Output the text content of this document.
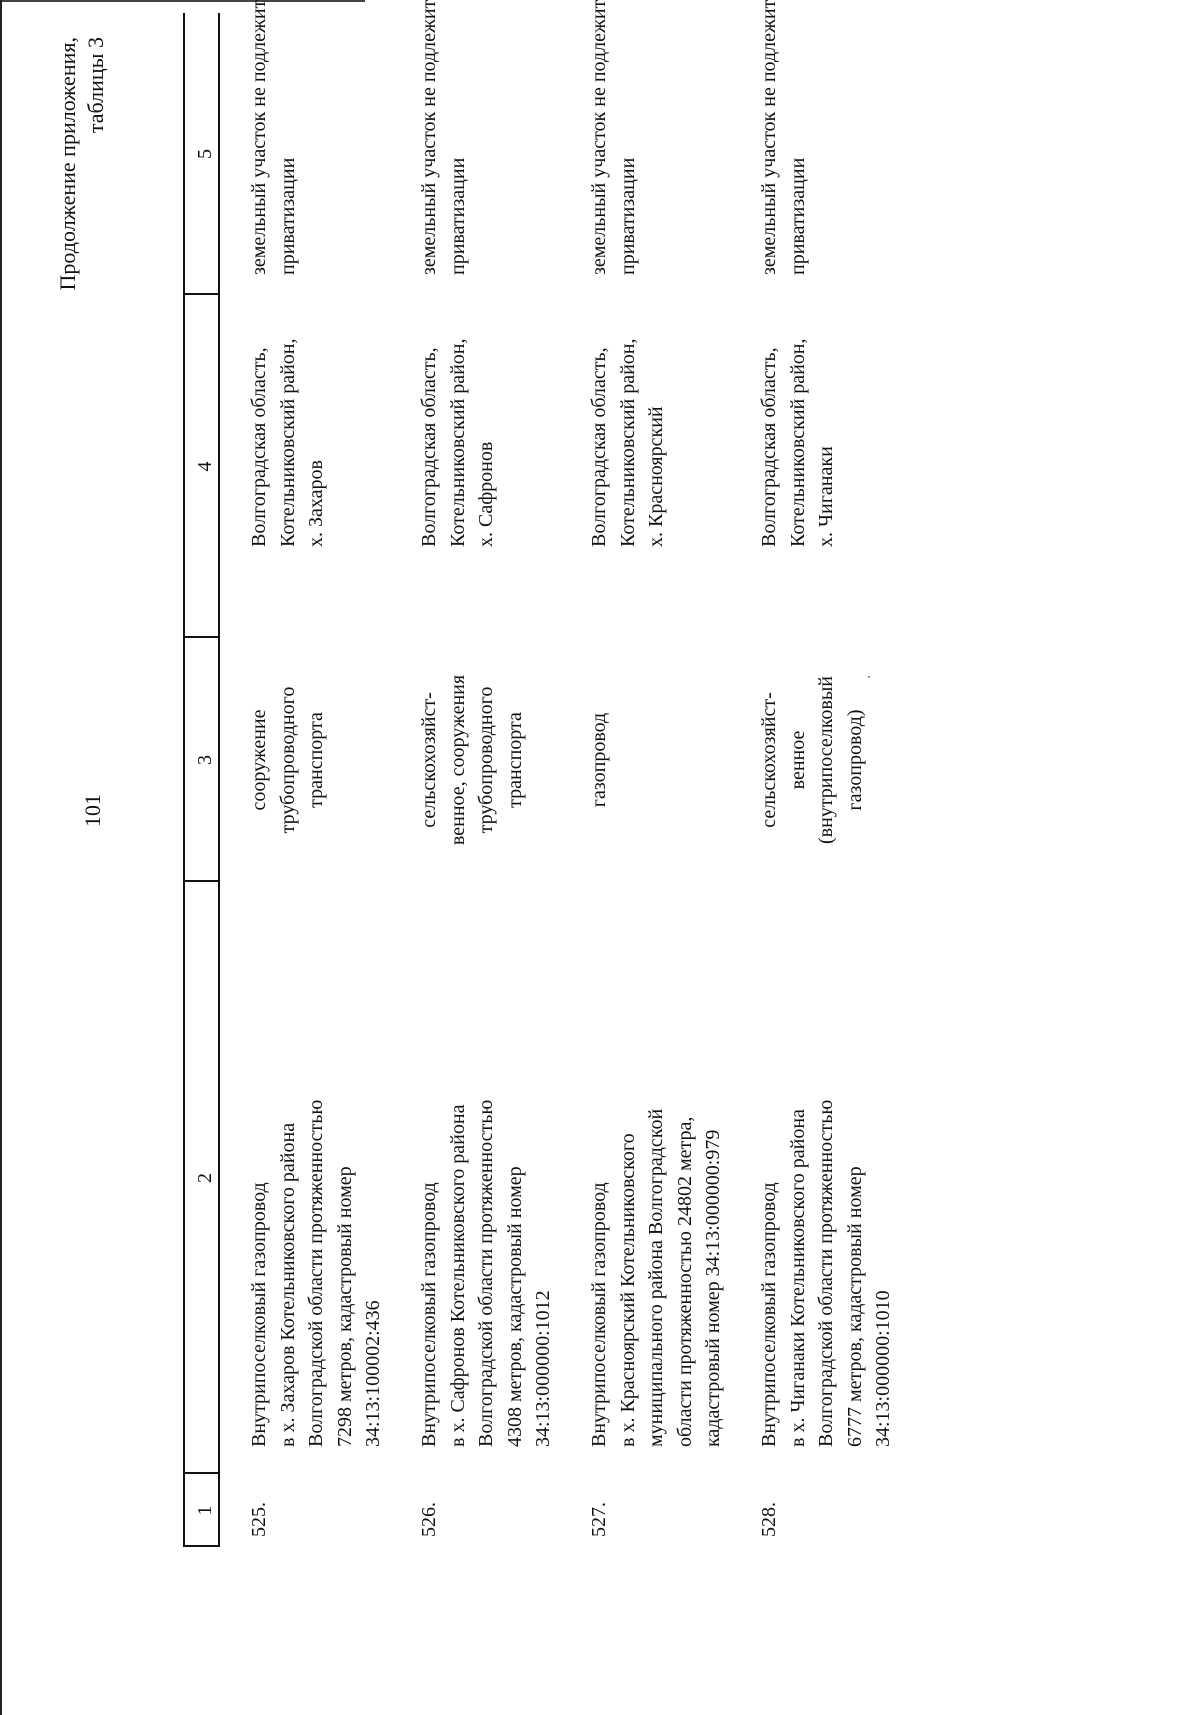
101
Продолжение приложения, таблицы 3
1
2
3
4
5
525.
Внутрипоселковый газопровод
в х. Захаров Котельниковского района
Волгоградской области протяженностью
7298 метров, кадастровый номер
34:13:100002:436
сооружение
трубопроводного
транспорта
Волгоградская область,
Котельниковский район,
х. Захаров
земельный участок не подлежит
приватизации
526.
Внутрипоселковый газопровод
в х. Сафронов Котельниковского района
Волгоградской области протяженностью
4308 метров, кадастровый номер
34:13:000000:1012
сельскохозяйст-
венное, сооружения
трубопроводного
транспорта
Волгоградская область,
Котельниковский район,
х. Сафронов
земельный участок не подлежит
приватизации
527.
Внутрипоселковый газопровод
в х. Красноярский Котельниковского
муниципального района Волгоградской
области протяженностью 24802 метра,
кадастровый номер 34:13:000000:979
газопровод
Волгоградская область,
Котельниковский район,
х. Красноярский
земельный участок не подлежит
приватизации
528.
Внутрипоселковый газопровод
в х. Чиганаки Котельниковского района
Волгоградской области протяженностью
6777 метров, кадастровый номер
34:13:000000:1010
сельскохозяйст-
венное
(внутрипоселковый
газопровод)
Волгоградская область,
Котельниковский район,
х. Чиганаки
земельный участок не подлежит
приватизации
